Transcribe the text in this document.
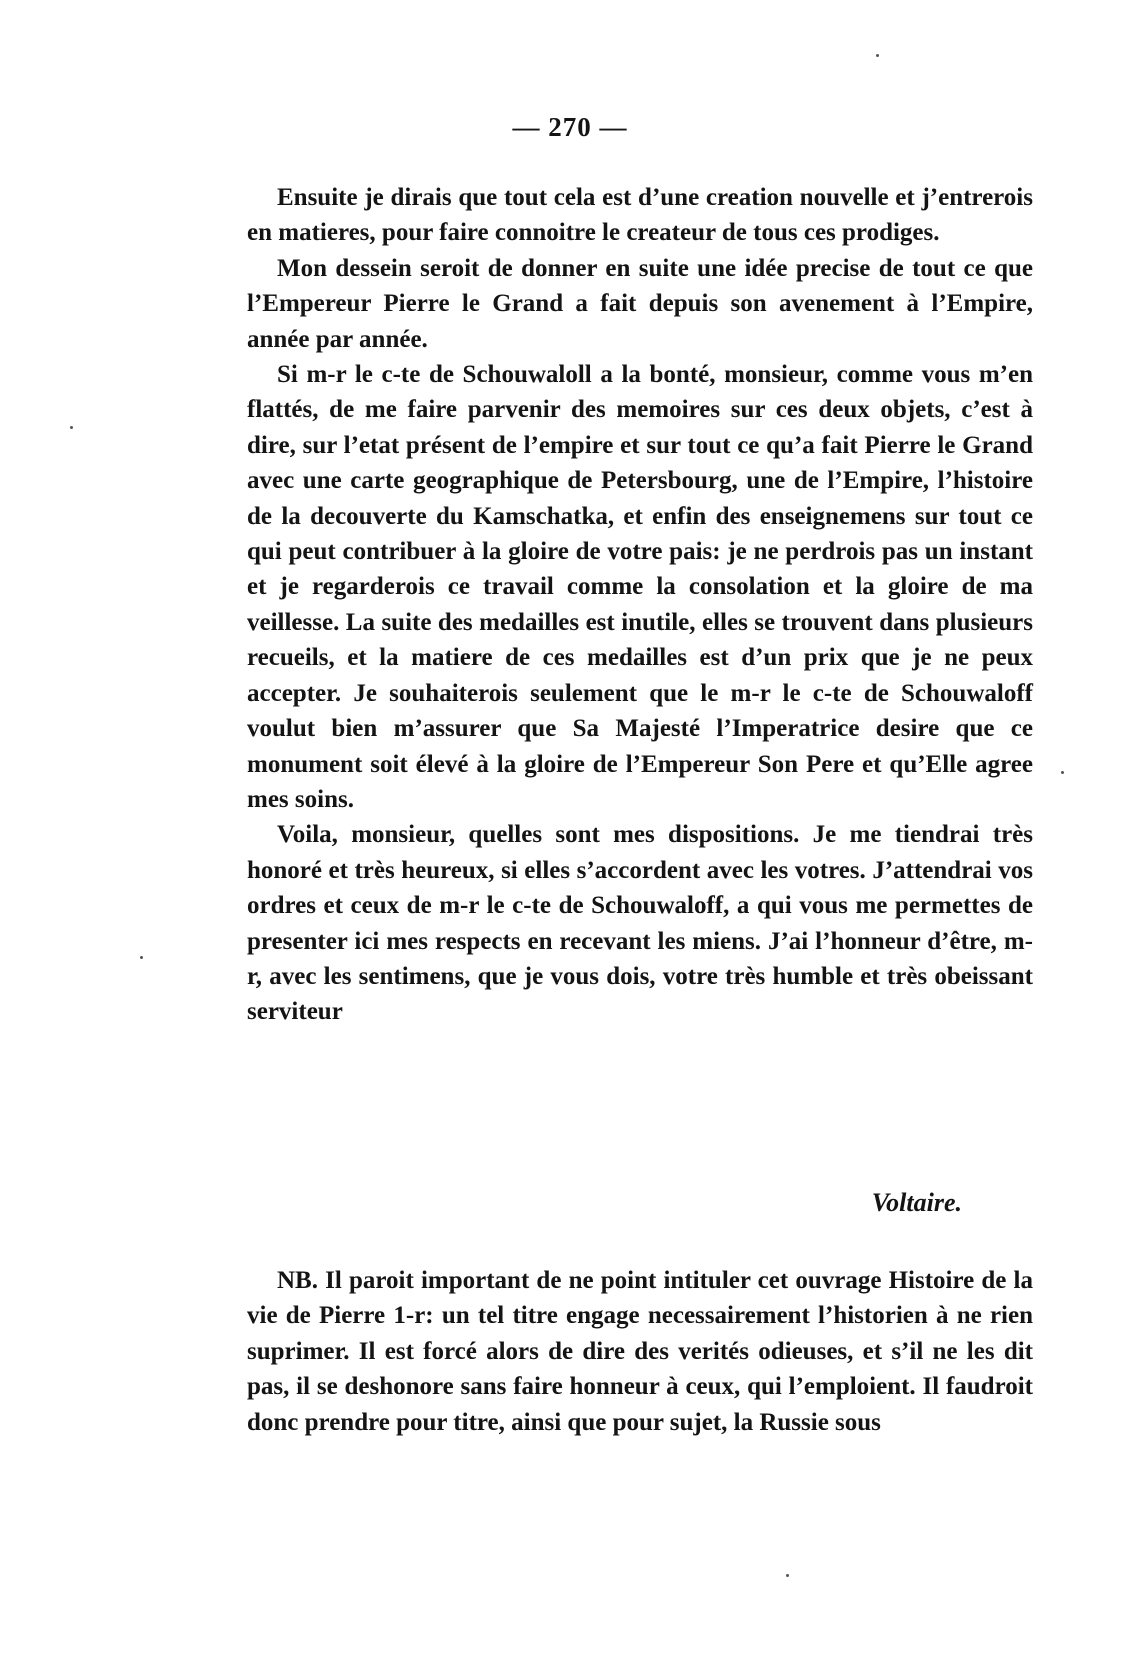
— 270 —

Ensuite je dirais que tout cela est d’une creation nouvelle et j’entrerois en matieres, pour faire connoitre le createur de tous ces prodiges.

Mon dessein seroit de donner en suite une idée precise de tout ce que l’Empereur Pierre le Grand a fait depuis son avenement à l’Empire, année par année.

Si m-r le c-te de Schouwaloll a la bonté, monsieur, comme vous m’en flattés, de me faire parvenir des memoires sur ces deux objets, c’est à dire, sur l’etat présent de l’empire et sur tout ce qu’a fait Pierre le Grand avec une carte geographique de Petersbourg, une de l’Empire, l’histoire de la decouverte du Kamschatka, et enfin des enseignemens sur tout ce qui peut contribuer à la gloire de votre pais: je ne perdrois pas un instant et je regarderois ce travail comme la consolation et la gloire de ma veillesse. La suite des medailles est inutile, elles se trouvent dans plusieurs recueils, et la matiere de ces medailles est d’un prix que je ne peux accepter. Je souhaiterois seulement que le m-r le c-te de Schouwaloff voulut bien m’assurer que Sa Majesté l’Imperatrice desire que ce monument soit élevé à la gloire de l’Empereur Son Pere et qu’Elle agree mes soins.

Voila, monsieur, quelles sont mes dispositions. Je me tiendrai très honoré et très heureux, si elles s’accordent avec les votres. J’attendrai vos ordres et ceux de m-r le c-te de Schouwaloff, a qui vous me permettes de presenter ici mes respects en recevant les miens. J’ai l’honneur d’être, m-r, avec les sentimens, que je vous dois, votre très humble et très obeissant serviteur

Voltaire.

NB. Il paroit important de ne point intituler cet ouvrage Histoire de la vie de Pierre 1-r: un tel titre engage necessairement l’historien à ne rien suprimer. Il est forcé alors de dire des verités odieuses, et s’il ne les dit pas, il se deshonore sans faire honneur à ceux, qui l’emploient. Il faudroit donc prendre pour titre, ainsi que pour sujet, la Russie sous
